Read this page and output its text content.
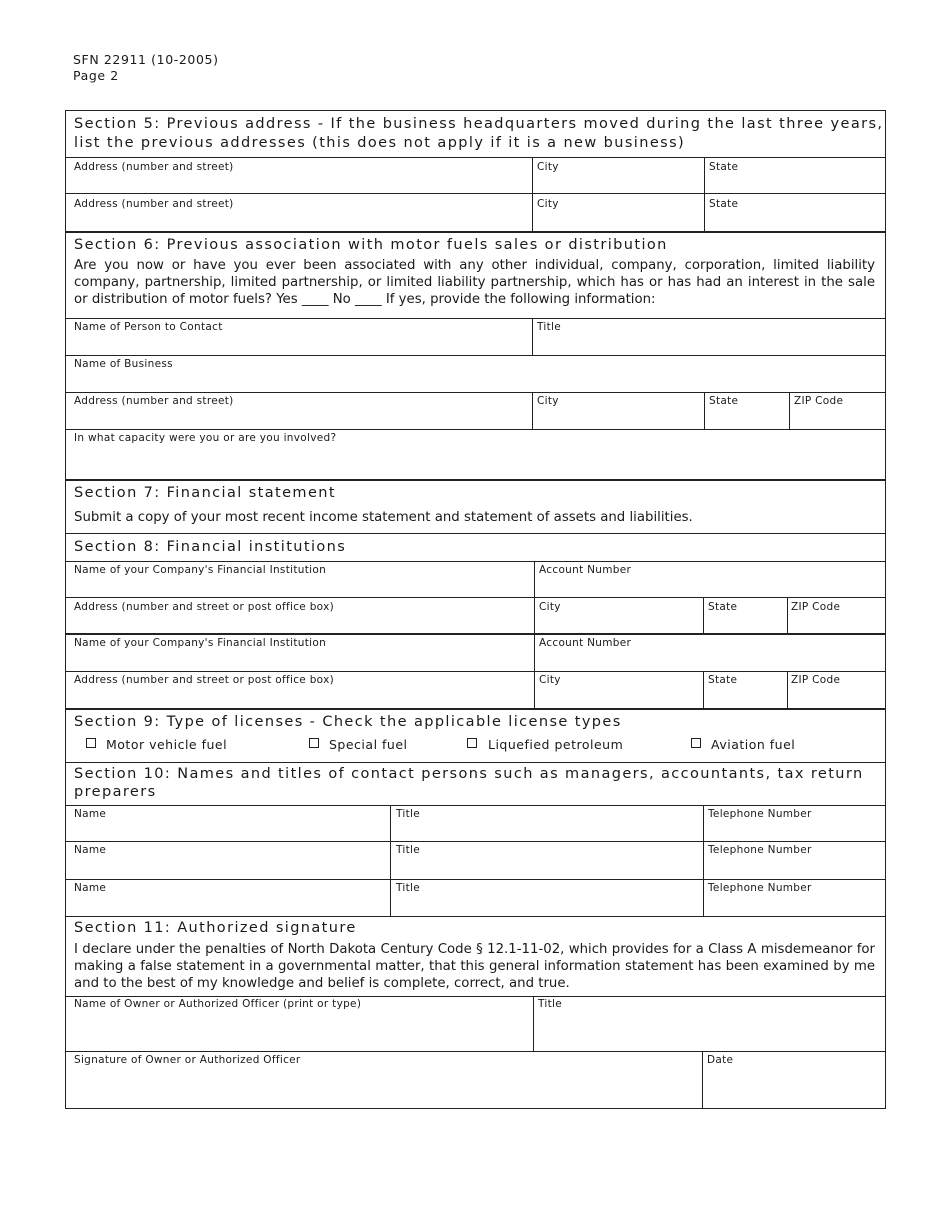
SFN 22911 (10-2005)
Page 2
Section 5: Previous address - If the business headquarters moved during the last three years,
list the previous addresses (this does not apply if it is a new business)
Address (number and street)	City	State
Address (number and street)	City	State
Section 6: Previous association with motor fuels sales or distribution
Are you now or have you ever been associated with any other individual, company, corporation, limited liability company, partnership, limited partnership, or limited liability partnership, which has or has had an interest in the sale or distribution of motor fuels? Yes ____ No ____ If yes, provide the following information:
Name of Person to Contact	Title
Name of Business
Address (number and street)	City	State	ZIP Code
In what capacity were you or are you involved?
Section 7: Financial statement
Submit a copy of your most recent income statement and statement of assets and liabilities.
Section 8: Financial institutions
Name of your Company's Financial Institution	Account Number
Address (number and street or post office box)	City	State	ZIP Code
Name of your Company's Financial Institution	Account Number
Address (number and street or post office box)	City	State	ZIP Code
Section 9: Type of licenses - Check the applicable license types
Motor vehicle fuel	Special fuel	Liquefied petroleum	Aviation fuel
Section 10: Names and titles of contact persons such as managers, accountants, tax return
preparers
Name	Title	Telephone Number
Name	Title	Telephone Number
Name	Title	Telephone Number
Section 11: Authorized signature
I declare under the penalties of North Dakota Century Code § 12.1-11-02, which provides for a Class A misdemeanor for making a false statement in a governmental matter, that this general information statement has been examined by me and to the best of my knowledge and belief is complete, correct, and true.
Name of Owner or Authorized Officer (print or type)	Title
Signature of Owner or Authorized Officer	Date
